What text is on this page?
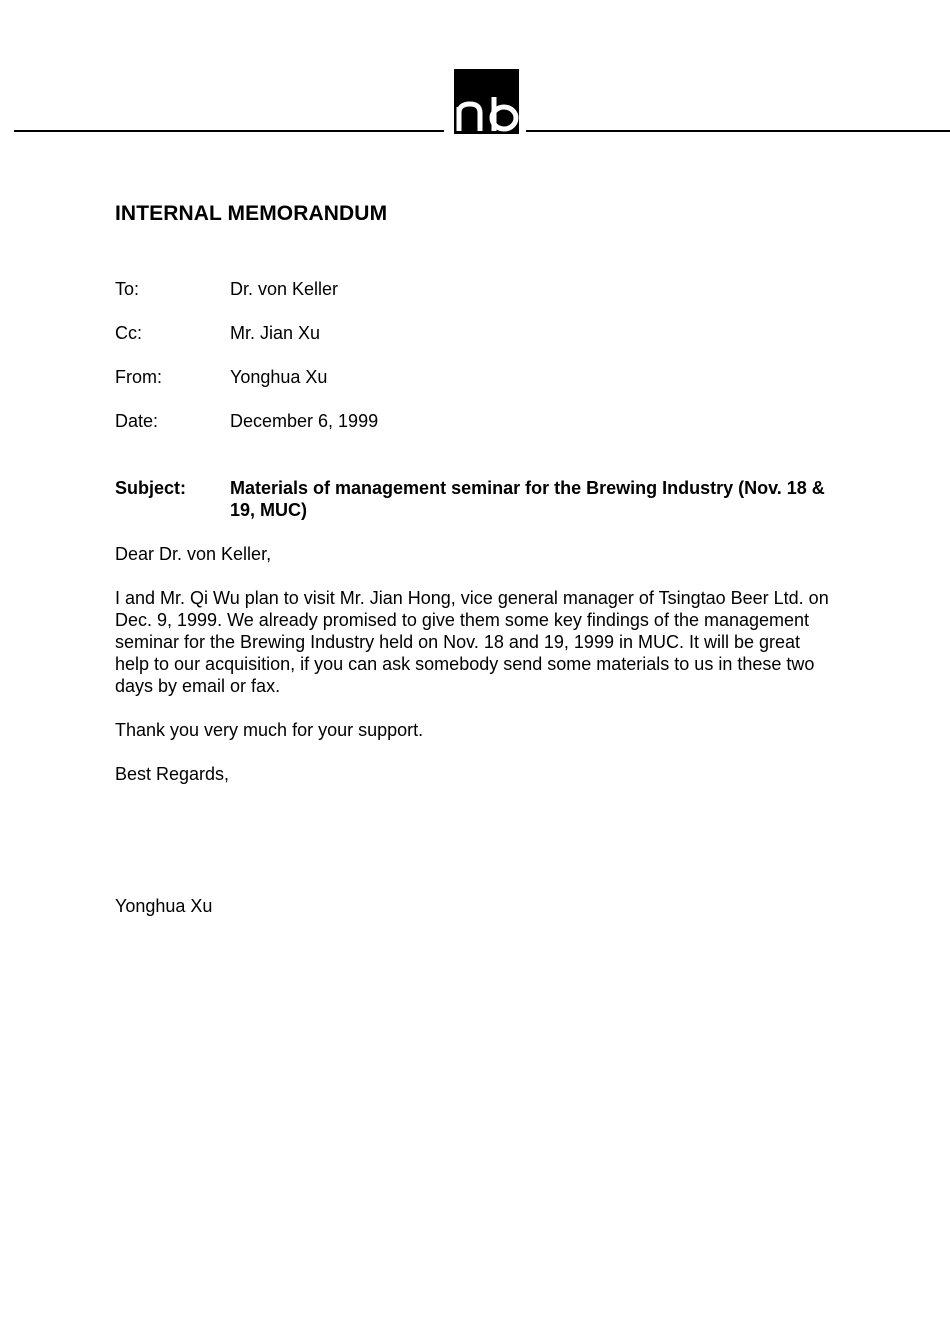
INTERNAL MEMORANDUM
To:	Dr. von Keller
Cc:	Mr. Jian Xu
From:	Yonghua Xu
Date:	December 6, 1999
Subject: Materials of management seminar for the Brewing Industry (Nov. 18 & 19, MUC)
Dear Dr. von Keller,
I and Mr. Qi Wu plan to visit Mr. Jian Hong, vice general manager of Tsingtao Beer Ltd. on Dec. 9, 1999. We already promised to give them some key findings of the management seminar for the Brewing Industry held on Nov. 18 and 19, 1999 in MUC. It will be great help to our acquisition, if you can ask somebody send some materials to us in these two days by email or fax.
Thank you very much for your support.
Best Regards,
Yonghua Xu
